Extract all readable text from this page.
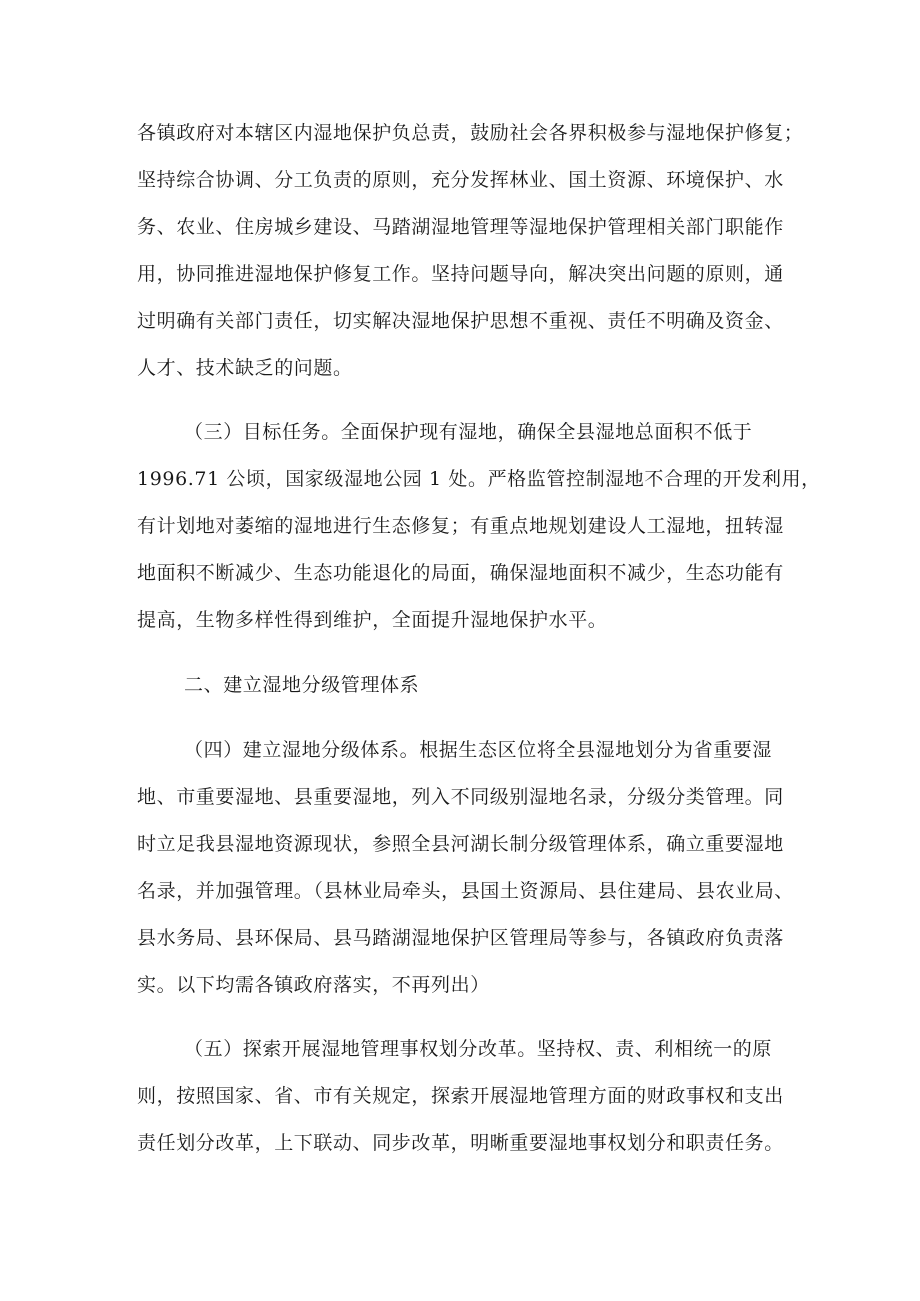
各镇政府对本辖区内湿地保护负总责，鼓励社会各界积极参与湿地保护修复；
坚持综合协调、分工负责的原则，充分发挥林业、国土资源、环境保护、水
务、农业、住房城乡建设、马踏湖湿地管理等湿地保护管理相关部门职能作
用，协同推进湿地保护修复工作。坚持问题导向，解决突出问题的原则，通
过明确有关部门责任，切实解决湿地保护思想不重视、责任不明确及资金、
人才、技术缺乏的问题。
（三）目标任务。全面保护现有湿地，确保全县湿地总面积不低于
1996.71 公顷，国家级湿地公园 1 处。严格监管控制湿地不合理的开发利用，
有计划地对萎缩的湿地进行生态修复；有重点地规划建设人工湿地，扭转湿
地面积不断减少、生态功能退化的局面，确保湿地面积不减少，生态功能有
提高，生物多样性得到维护，全面提升湿地保护水平。
二、建立湿地分级管理体系
（四）建立湿地分级体系。根据生态区位将全县湿地划分为省重要湿
地、市重要湿地、县重要湿地，列入不同级别湿地名录，分级分类管理。同
时立足我县湿地资源现状，参照全县河湖长制分级管理体系，确立重要湿地
名录，并加强管理。（县林业局牵头，县国土资源局、县住建局、县农业局、
县水务局、县环保局、县马踏湖湿地保护区管理局等参与，各镇政府负责落
实。以下均需各镇政府落实，不再列出）
（五）探索开展湿地管理事权划分改革。坚持权、责、利相统一的原
则，按照国家、省、市有关规定，探索开展湿地管理方面的财政事权和支出
责任划分改革，上下联动、同步改革，明晰重要湿地事权划分和职责任务。
